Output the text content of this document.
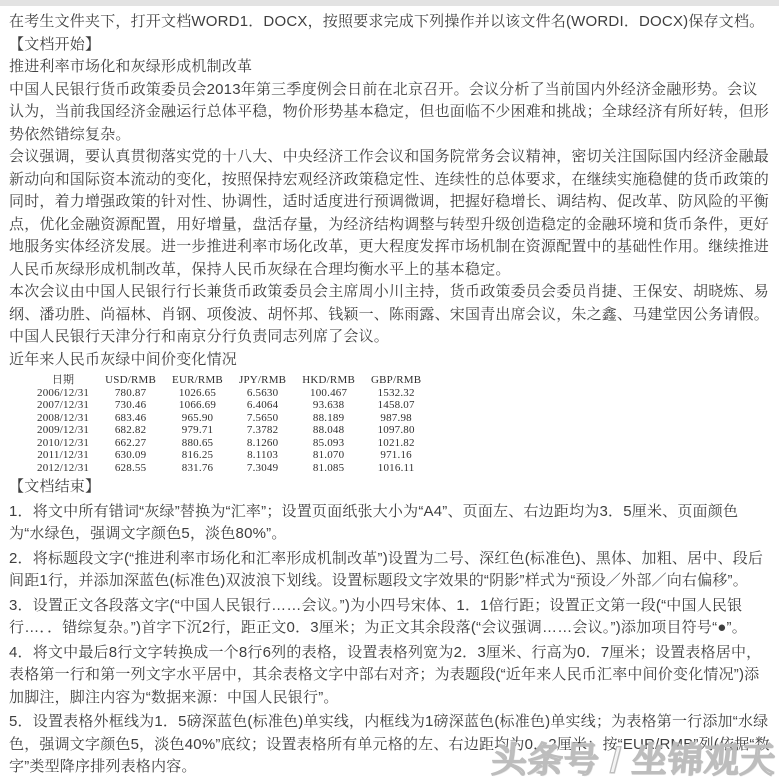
在考生文件夹下，打开文档WORD1．DOCX，按照要求完成下列操作并以该文件名(WORDI．DOCX)保存文档。

【文档开始】

推进利率市场化和灰绿形成机制改革

中国人民银行货币政策委员会2013年第三季度例会日前在北京召开。会议分析了当前国内外经济金融形势。会议认为，当前我国经济金融运行总体平稳，物价形势基本稳定，但也面临不少困难和挑战；全球经济有所好转，但形势依然错综复杂。

会议强调，要认真贯彻落实党的十八大、中央经济工作会议和国务院常务会议精神，密切关注国际国内经济金融最新动向和国际资本流动的变化，按照保持宏观经济政策稳定性、连续性的总体要求，在继续实施稳健的货币政策的同时，着力增强政策的针对性、协调性，适时适度进行预调微调，把握好稳增长、调结构、促改革、防风险的平衡点，优化金融资源配置，用好增量，盘活存量，为经济结构调整与转型升级创造稳定的金融环境和货币条件，更好地服务实体经济发展。进一步推进利率市场化改革，更大程度发挥市场机制在资源配置中的基础性作用。继续推进人民币灰绿形成机制改革，保持人民币灰绿在合理均衡水平上的基本稳定。

本次会议由中国人民银行行长兼货币政策委员会主席周小川主持，货币政策委员会委员肖捷、王保安、胡晓炼、易纲、潘功胜、尚福林、肖钢、项俊波、胡怀邦、钱颖一、陈雨露、宋国青出席会议，朱之鑫、马建堂因公务请假。中国人民银行天津分行和南京分行负责同志列席了会议。

近年来人民币灰绿中间价变化情况

日期	USD/RMB	EUR/RMB	JPY/RMB	HKD/RMB	GBP/RMB
2006/12/31	780.87	1026.65	6.5630	100.467	1532.32
2007/12/31	730.46	1066.69	6.4064	93.638	1458.07
2008/12/31	683.46	965.90	7.5650	88.189	987.98
2009/12/31	682.82	979.71	7.3782	88.048	1097.80
2010/12/31	662.27	880.65	8.1260	85.093	1021.82
2011/12/31	630.09	816.25	8.1103	81.070	971.16
2012/12/31	628.55	831.76	7.3049	81.085	1016.11

【文档结束】

1．将文中所有错词“灰绿”替换为“汇率”；设置页面纸张大小为“A4”、页面左、右边距均为3．5厘米、页面颜色为“水绿色，强调文字颜色5，淡色80%”。

2．将标题段文字(“推进利率市场化和汇率形成机制改革”)设置为二号、深红色(标准色)、黑体、加粗、居中、段后间距1行，并添加深蓝色(标准色)双波浪下划线。设置标题段文字效果的“阴影”样式为“预设／外部／向右偏移”。

3．设置正文各段落文字(“中国人民银行……会议。”)为小四号宋体、1．1倍行距；设置正文第一段(“中国人民银行…．．错综复杂。”)首字下沉2行，距正文0．3厘米；为正文其余段落(“会议强调……会议。”)添加项目符号“●”。

4．将文中最后8行文字转换成一个8行6列的表格，设置表格列宽为2．3厘米、行高为0．7厘米；设置表格居中，表格第一行和第一列文字水平居中，其余表格文字中部右对齐；为表题段(“近年来人民币汇率中间价变化情况”)添加脚注，脚注内容为“数据来源：中国人民银行”。

5．设置表格外框线为1．5磅深蓝色(标准色)单实线，内框线为1磅深蓝色(标准色)单实线；为表格第一行添加“水绿色，强调文字颜色5，淡色40%”底纹；设置表格所有单元格的左、右边距均为0．2厘米；按“EUR/RMB”列(依据“数字”类型降序排列表格内容。	头条号 / 坐锦观天
